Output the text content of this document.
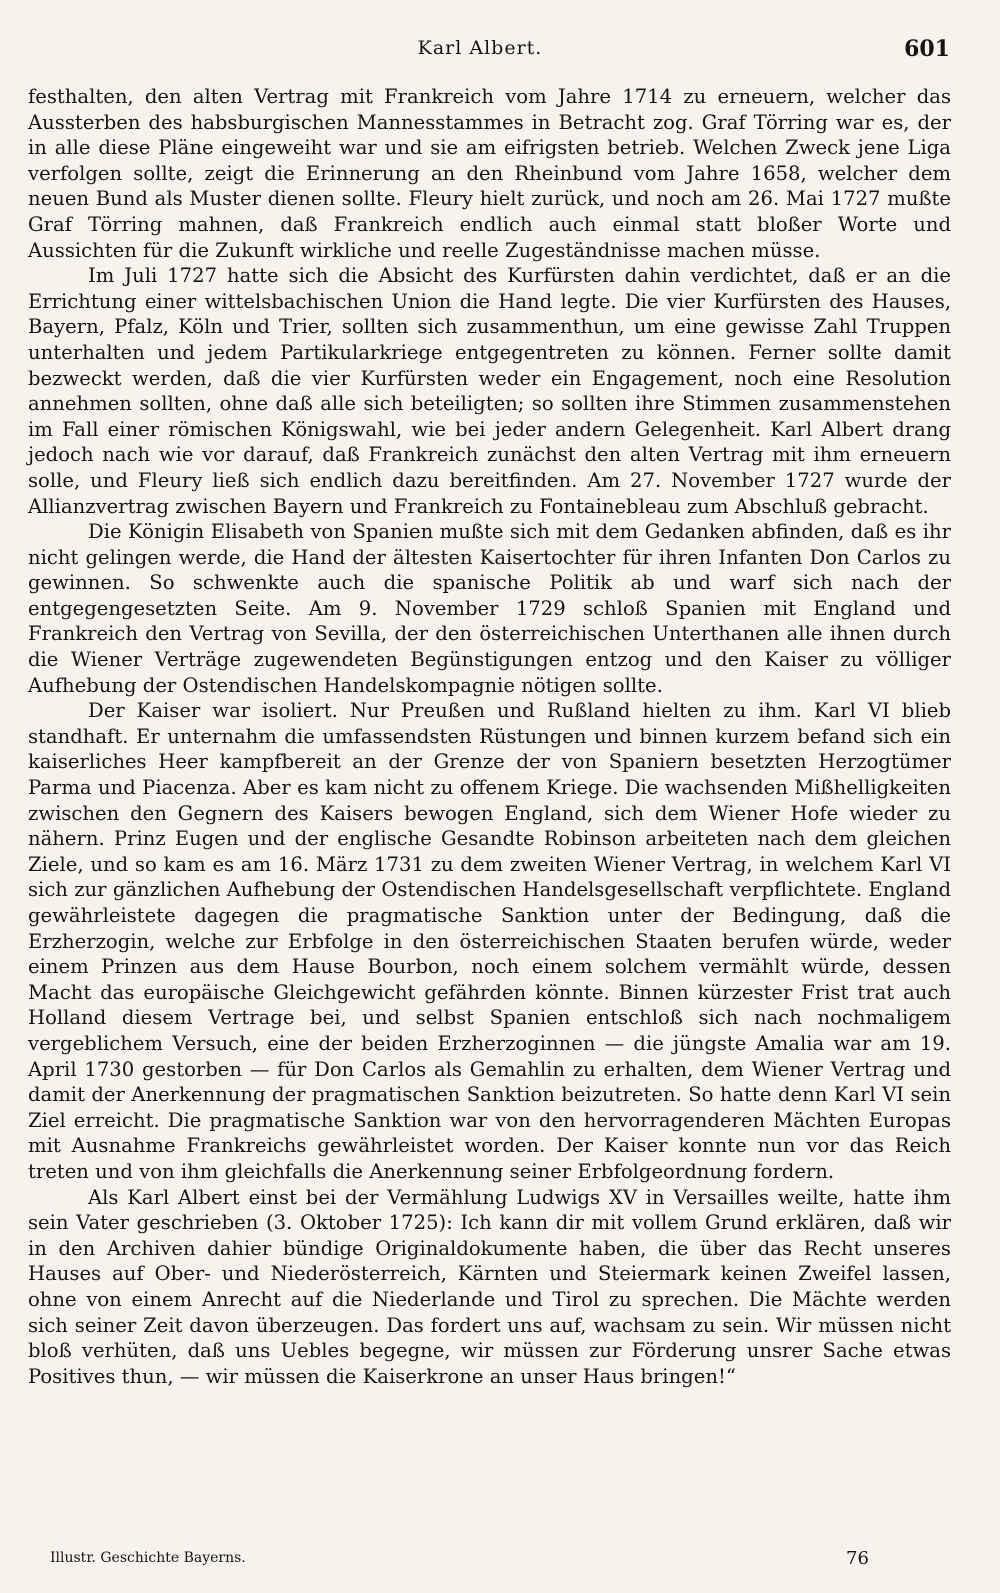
Karl Albert.	601

festhalten, den alten Vertrag mit Frankreich vom Jahre 1714 zu erneuern, welcher das Aussterben des habsburgischen Mannesstammes in Betracht zog. Graf Törring war es, der in alle diese Pläne eingeweiht war und sie am eifrigsten betrieb. Welchen Zweck jene Liga verfolgen sollte, zeigt die Erinnerung an den Rheinbund vom Jahre 1658, welcher dem neuen Bund als Muster dienen sollte. Fleury hielt zurück, und noch am 26. Mai 1727 mußte Graf Törring mahnen, daß Frankreich endlich auch einmal statt bloßer Worte und Aussichten für die Zukunft wirkliche und reelle Zugeständnisse machen müsse.

Im Juli 1727 hatte sich die Absicht des Kurfürsten dahin verdichtet, daß er an die Errichtung einer wittelsbachischen Union die Hand legte. Die vier Kurfürsten des Hauses, Bayern, Pfalz, Köln und Trier, sollten sich zusammenthun, um eine gewisse Zahl Truppen unterhalten und jedem Partikularkriege entgegentreten zu können. Ferner sollte damit bezweckt werden, daß die vier Kurfürsten weder ein Engagement, noch eine Resolution annehmen sollten, ohne daß alle sich beteiligten; so sollten ihre Stimmen zusammenstehen im Fall einer römischen Königswahl, wie bei jeder andern Gelegenheit. Karl Albert drang jedoch nach wie vor darauf, daß Frankreich zunächst den alten Vertrag mit ihm erneuern solle, und Fleury ließ sich endlich dazu bereitfinden. Am 27. November 1727 wurde der Allianzvertrag zwischen Bayern und Frankreich zu Fontainebleau zum Abschluß gebracht.

Die Königin Elisabeth von Spanien mußte sich mit dem Gedanken abfinden, daß es ihr nicht gelingen werde, die Hand der ältesten Kaisertochter für ihren Infanten Don Carlos zu gewinnen. So schwenkte auch die spanische Politik ab und warf sich nach der entgegengesetzten Seite. Am 9. November 1729 schloß Spanien mit England und Frankreich den Vertrag von Sevilla, der den österreichischen Unterthanen alle ihnen durch die Wiener Verträge zugewendeten Begünstigungen entzog und den Kaiser zu völliger Aufhebung der Ostendischen Handelskompagnie nötigen sollte.

Der Kaiser war isoliert. Nur Preußen und Rußland hielten zu ihm. Karl VI blieb standhaft. Er unternahm die umfassendsten Rüstungen und binnen kurzem befand sich ein kaiserliches Heer kampfbereit an der Grenze der von Spaniern besetzten Herzogtümer Parma und Piacenza. Aber es kam nicht zu offenem Kriege. Die wachsenden Mißhelligkeiten zwischen den Gegnern des Kaisers bewogen England, sich dem Wiener Hofe wieder zu nähern. Prinz Eugen und der englische Gesandte Robinson arbeiteten nach dem gleichen Ziele, und so kam es am 16. März 1731 zu dem zweiten Wiener Vertrag, in welchem Karl VI sich zur gänzlichen Aufhebung der Ostendischen Handelsgesellschaft verpflichtete. England gewährleistete dagegen die pragmatische Sanktion unter der Bedingung, daß die Erzherzogin, welche zur Erbfolge in den österreichischen Staaten berufen würde, weder einem Prinzen aus dem Hause Bourbon, noch einem solchem vermählt würde, dessen Macht das europäische Gleichgewicht gefährden könnte. Binnen kürzester Frist trat auch Holland diesem Vertrage bei, und selbst Spanien entschloß sich nach nochmaligem vergeblichem Versuch, eine der beiden Erzherzoginnen — die jüngste Amalia war am 19. April 1730 gestorben — für Don Carlos als Gemahlin zu erhalten, dem Wiener Vertrag und damit der Anerkennung der pragmatischen Sanktion beizutreten. So hatte denn Karl VI sein Ziel erreicht. Die pragmatische Sanktion war von den hervorragenderen Mächten Europas mit Ausnahme Frankreichs gewährleistet worden. Der Kaiser konnte nun vor das Reich treten und von ihm gleichfalls die Anerkennung seiner Erbfolgeordnung fordern.

Als Karl Albert einst bei der Vermählung Ludwigs XV in Versailles weilte, hatte ihm sein Vater geschrieben (3. Oktober 1725): Ich kann dir mit vollem Grund erklären, daß wir in den Archiven dahier bündige Originaldokumente haben, die über das Recht unseres Hauses auf Ober- und Niederösterreich, Kärnten und Steiermark keinen Zweifel lassen, ohne von einem Anrecht auf die Niederlande und Tirol zu sprechen. Die Mächte werden sich seiner Zeit davon überzeugen. Das fordert uns auf, wachsam zu sein. Wir müssen nicht bloß verhüten, daß uns Uebles begegne, wir müssen zur Förderung unsrer Sache etwas Positives thun, — wir müssen die Kaiserkrone an unser Haus bringen!“

Illustr. Geschichte Bayerns.	76
